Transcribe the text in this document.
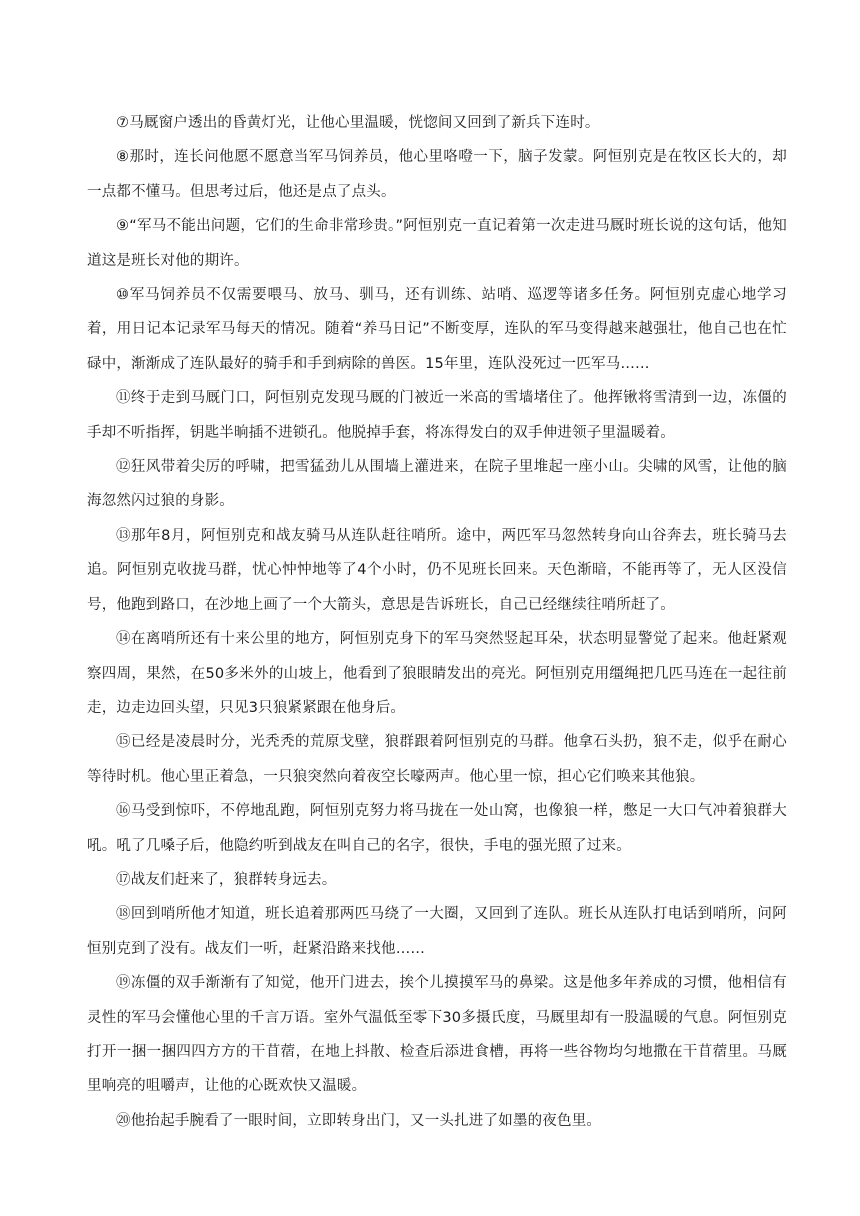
⑦马厩窗户透出的昏黄灯光，让他心里温暖，恍惚间又回到了新兵下连时。

⑧那时，连长问他愿不愿意当军马饲养员，他心里咯噔一下，脑子发蒙。阿恒别克是在牧区长大的，却一点都不懂马。但思考过后，他还是点了点头。

⑨“军马不能出问题，它们的生命非常珍贵。”阿恒别克一直记着第一次走进马厩时班长说的这句话，他知道这是班长对他的期许。

⑩军马饲养员不仅需要喂马、放马、驯马，还有训练、站哨、巡逻等诸多任务。阿恒别克虚心地学习着，用日记本记录军马每天的情况。随着“养马日记”不断变厚，连队的军马变得越来越强壮，他自己也在忙碌中，渐渐成了连队最好的骑手和手到病除的兽医。15年里，连队没死过一匹军马……

⑪终于走到马厩门口，阿恒别克发现马厩的门被近一米高的雪墙堵住了。他挥锹将雪清到一边，冻僵的手却不听指挥，钥匙半晌插不进锁孔。他脱掉手套，将冻得发白的双手伸进领子里温暖着。

⑫狂风带着尖厉的呼啸，把雪猛劲儿从围墙上灌进来，在院子里堆起一座小山。尖啸的风雪，让他的脑海忽然闪过狼的身影。

⑬那年8月，阿恒别克和战友骑马从连队赶往哨所。途中，两匹军马忽然转身向山谷奔去，班长骑马去追。阿恒别克收拢马群，忧心忡忡地等了4个小时，仍不见班长回来。天色渐暗，不能再等了，无人区没信号，他跑到路口，在沙地上画了一个大箭头，意思是告诉班长，自己已经继续往哨所赶了。

⑭在离哨所还有十来公里的地方，阿恒别克身下的军马突然竖起耳朵，状态明显警觉了起来。他赶紧观察四周，果然，在50多米外的山坡上，他看到了狼眼睛发出的亮光。阿恒别克用缰绳把几匹马连在一起往前走，边走边回头望，只见3只狼紧紧跟在他身后。

⑮已经是凌晨时分，光秃秃的荒原戈壁，狼群跟着阿恒别克的马群。他拿石头扔，狼不走，似乎在耐心等待时机。他心里正着急，一只狼突然向着夜空长嚎两声。他心里一惊，担心它们唤来其他狼。

⑯马受到惊吓，不停地乱跑，阿恒别克努力将马拢在一处山窝，也像狼一样，憋足一大口气冲着狼群大吼。吼了几嗓子后，他隐约听到战友在叫自己的名字，很快，手电的强光照了过来。

⑰战友们赶来了，狼群转身远去。

⑱回到哨所他才知道，班长追着那两匹马绕了一大圈，又回到了连队。班长从连队打电话到哨所，问阿恒别克到了没有。战友们一听，赶紧沿路来找他……

⑲冻僵的双手渐渐有了知觉，他开门进去，挨个儿摸摸军马的鼻梁。这是他多年养成的习惯，他相信有灵性的军马会懂他心里的千言万语。室外气温低至零下30多摄氏度，马厩里却有一股温暖的气息。阿恒别克打开一捆一捆四四方方的干苜蓿，在地上抖散、检查后添进食槽，再将一些谷物均匀地撒在干苜蓿里。马厩里响亮的咀嚼声，让他的心既欢快又温暖。

⑳他抬起手腕看了一眼时间，立即转身出门，又一头扎进了如墨的夜色里。
